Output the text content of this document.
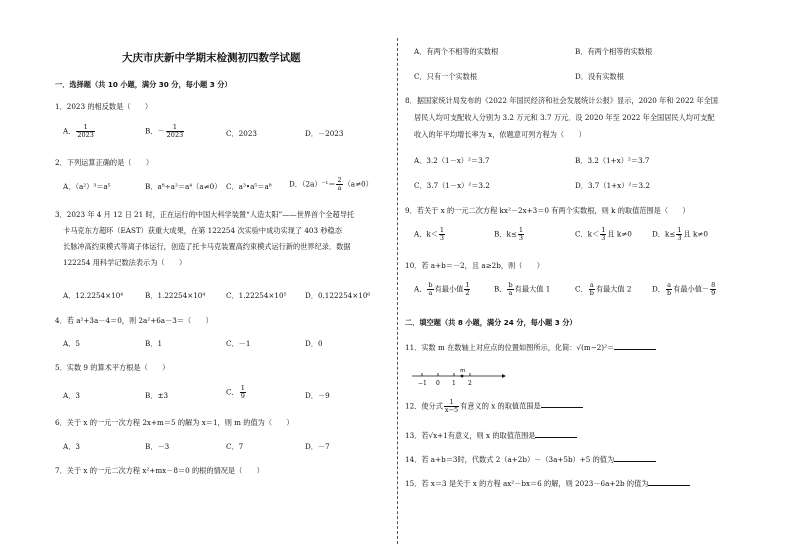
大庆市庆新中学期末检测初四数学试题
一．选择题（共 10 小题，满分 30 分，每小题 3 分）
1．2023 的相反数是（　　）
A． $\frac{1}{2023}$	B．－ $\frac{1}{2023}$	C．2023	D．－2023
2．下列运算正确的是（　　）
A．（a²）³＝a⁵	B．a⁸÷a²＝a⁴（a≠0） C．a³•a⁵＝a⁸ D．$(2a)^{-1}= \frac{2}{a} (a\ne 0)$
3．2023 年 4 月 12 日 21 时，正在运行的中国大科学装置“人造太阳”——世界首个全超导托
卡马克东方超环（EAST）获重大成果，在第 122254 次实验中成功实现了 403 秒稳态
长脉冲高约束模式等离子体运行，创造了托卡马克装置高约束模式运行新的世界纪录．数据
122254 用科学记数法表示为（　　）
A．12.2254×10⁴	B．1.22254×10⁴	C．1.22254×10⁵	D．0.122254×10⁶
4．若 a²+3a－4＝0，则 2a²+6a－3＝（　　）
A．5	B．1	C．－1	D．0
5．实数 9 的算术平方根是（　　）
A．3	B．±3	C． $\frac{1}{9}$	D．－9
6．关于 x 的一元一次方程 2x+m＝5 的解为 x＝1，则 m 的值为（　　）
A．3	B．－3	C．7	D．－7
7．关于 x 的一元二次方程 x²+mx－8＝0 的根的情况是（　　）
A．有两个不相等的实数根	B．有两个相等的实数根
C．只有一个实数根	D．没有实数根
8．据国家统计局发布的《2022 年国民经济和社会发展统计公报》显示，2020 年和 2022 年全国
居民人均可支配收入分别为 3.2 万元和 3.7 万元．设 2020 年至 2022 年全国居民人均可支配
收入的年平均增长率为 x，依题意可列方程为（　　）
A．3.2（1－x）²＝3.7	B．3.2（1+x）²＝3.7
C．3.7（1－x）²＝3.2	D．3.7（1+x）²＝3.2
9．若关于 x 的一元二次方程 kx²－2x+3＝0 有两个实数根，则 k 的取值范围是（　　）
A．$k< \frac{1}{3}$	B．$k\le \frac{1}{3}$	C．$k< \frac{1}{3}$ 且 k≠0	D．$k\le \frac{1}{3}$ 且 k≠0
10．若 a+b＝－2，且 a≥2b，则（　　）
A． $\frac{b}{a}$ 有最小值 $\frac{1}{2}$	B． $\frac{b}{a}$ 有最大值 1	C． $\frac{a}{b}$ 有最大值 2	D． $\frac{a}{b}$ 有最小值－ $\frac{8}{9}$
二．填空题（共 8 小题，满分 24 分，每小题 3 分）
11．实数 m 在数轴上对应点的位置如图所示，化简：√(m−2)²＝
m
−1 0 1 2
12．使分式 $\frac{1}{x-5}$ 有意义的 x 的取值范围是
13．若√x+1有意义，则 x 的取值范围是
14．若 a+b＝3时，代数式 2（a+2b）－（3a+5b）+5 的值为
15．若 x＝3 是关于 x 的方程 ax²－bx＝6 的解，则 2023－6a+2b 的值为
